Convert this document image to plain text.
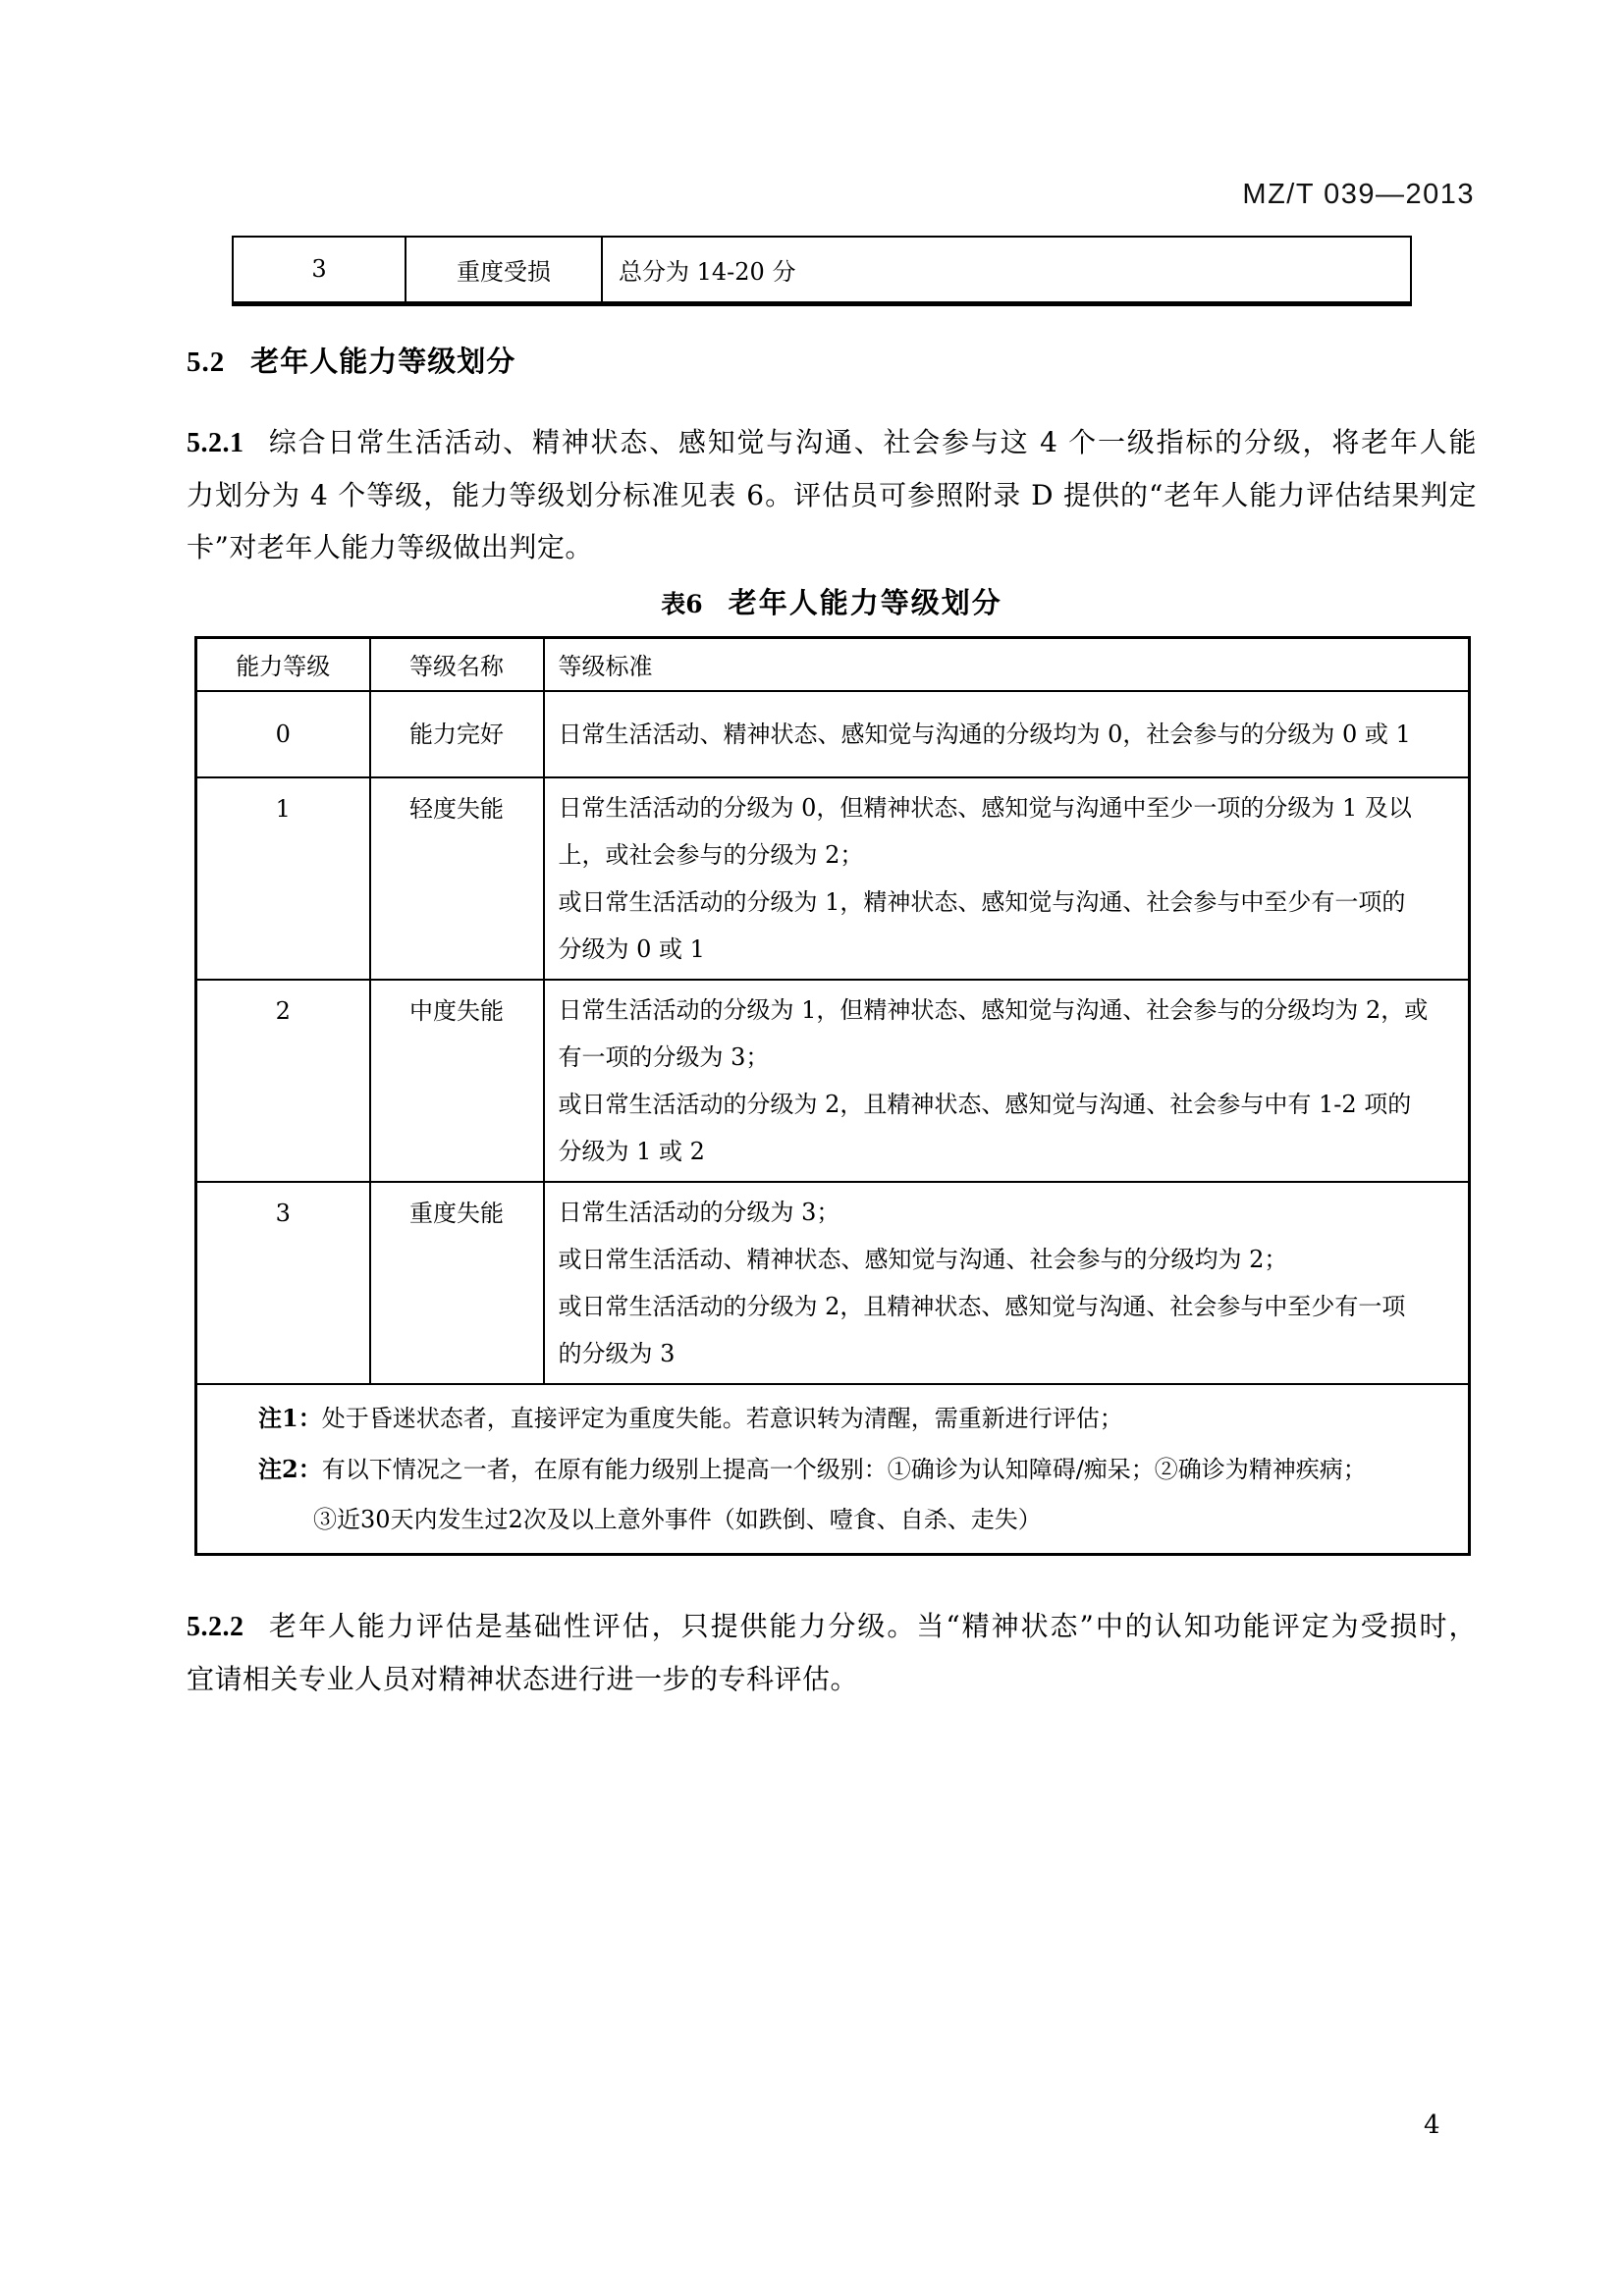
MZ/T 039—2013
3	重度受损	总分为 14-20 分
5.2 老年人能力等级划分
5.2.1 综合日常生活活动、精神状态、感知觉与沟通、社会参与这 4 个一级指标的分级，将老年人能
力划分为 4 个等级，能力等级划分标准见表 6。评估员可参照附录 D 提供的“老年人能力评估结果判定
卡”对老年人能力等级做出判定。
表6 老年人能力等级划分
能力等级	等级名称	等级标准
0	能力完好	日常生活活动、精神状态、感知觉与沟通的分级均为 0，社会参与的分级为 0 或 1

1	轻度失能	日常生活活动的分级为 0，但精神状态、感知觉与沟通中至少一项的分级为 1 及以
上，或社会参与的分级为 2；
或日常生活活动的分级为 1，精神状态、感知觉与沟通、社会参与中至少有一项的
分级为 0 或 1

2	中度失能	日常生活活动的分级为 1，但精神状态、感知觉与沟通、社会参与的分级均为 2，或
有一项的分级为 3；
或日常生活活动的分级为 2，且精神状态、感知觉与沟通、社会参与中有 1-2 项的
分级为 1 或 2

3	重度失能	日常生活活动的分级为 3；
或日常生活活动、精神状态、感知觉与沟通、社会参与的分级均为 2；
或日常生活活动的分级为 2，且精神状态、感知觉与沟通、社会参与中至少有一项
的分级为 3

注1：处于昏迷状态者，直接评定为重度失能。若意识转为清醒，需重新进行评估；
注2：有以下情况之一者，在原有能力级别上提高一个级别：①确诊为认知障碍/痴呆；②确诊为精神疾病；
③近30天内发生过2次及以上意外事件（如跌倒、噎食、自杀、走失）		
5.2.2 老年人能力评估是基础性评估，只提供能力分级。当“精神状态”中的认知功能评定为受损时，
宜请相关专业人员对精神状态进行进一步的专科评估。
4
